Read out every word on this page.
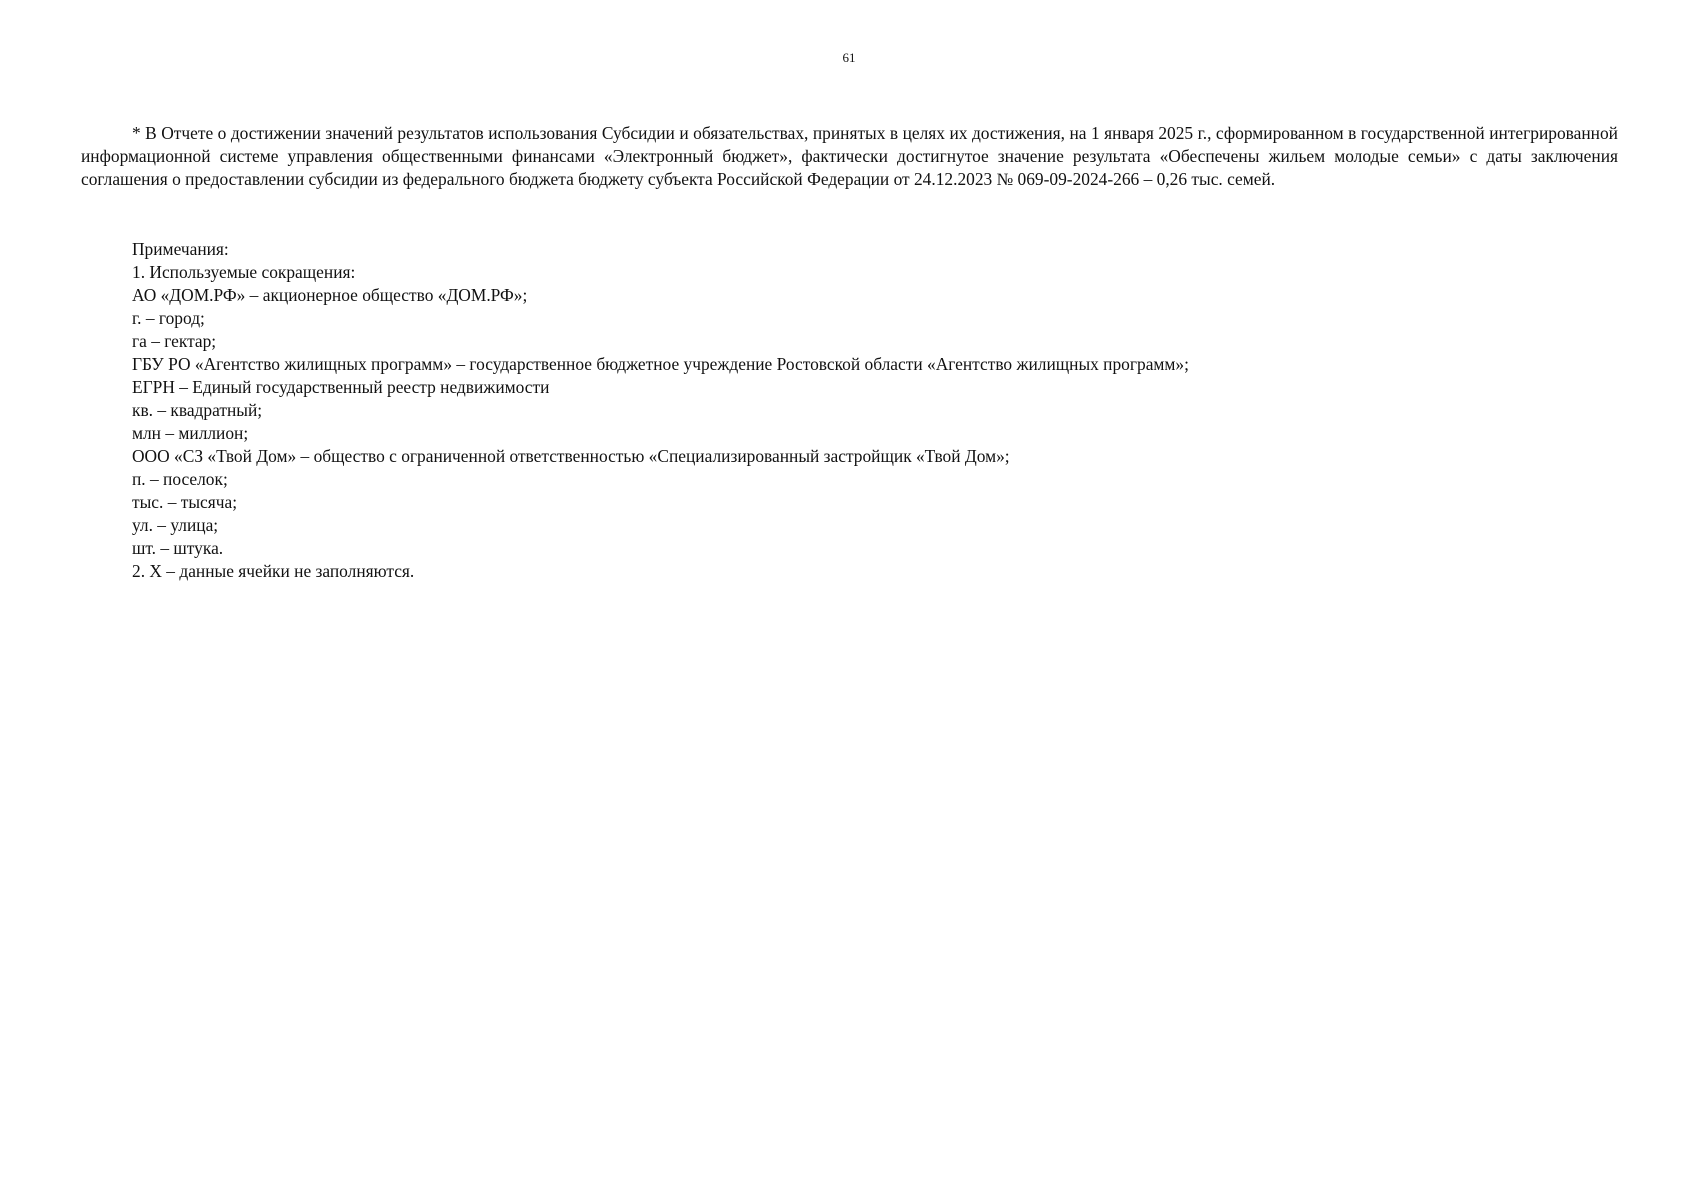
61

* В Отчете о достижении значений результатов использования Субсидии и обязательствах, принятых в целях их достижения, на 1 января 2025 г., сформированном в государственной интегрированной информационной системе управления общественными финансами «Электронный бюджет», фактически достигнутое значение результата «Обеспечены жильем молодые семьи» с даты заключения соглашения о предоставлении субсидии из федерального бюджета бюджету субъекта Российской Федерации от 24.12.2023 № 069-09-2024-266 – 0,26 тыс. семей.

Примечания:
1. Используемые сокращения:
АО «ДОМ.РФ» – акционерное общество «ДОМ.РФ»;
г. – город;
га – гектар;
ГБУ РО «Агентство жилищных программ» – государственное бюджетное учреждение Ростовской области «Агентство жилищных программ»;
ЕГРН – Единый государственный реестр недвижимости
кв. – квадратный;
млн – миллион;
ООО «СЗ «Твой Дом» – общество с ограниченной ответственностью «Специализированный застройщик «Твой Дом»;
п. – поселок;
тыс. – тысяча;
ул. – улица;
шт. – штука.
2. Х – данные ячейки не заполняются.
